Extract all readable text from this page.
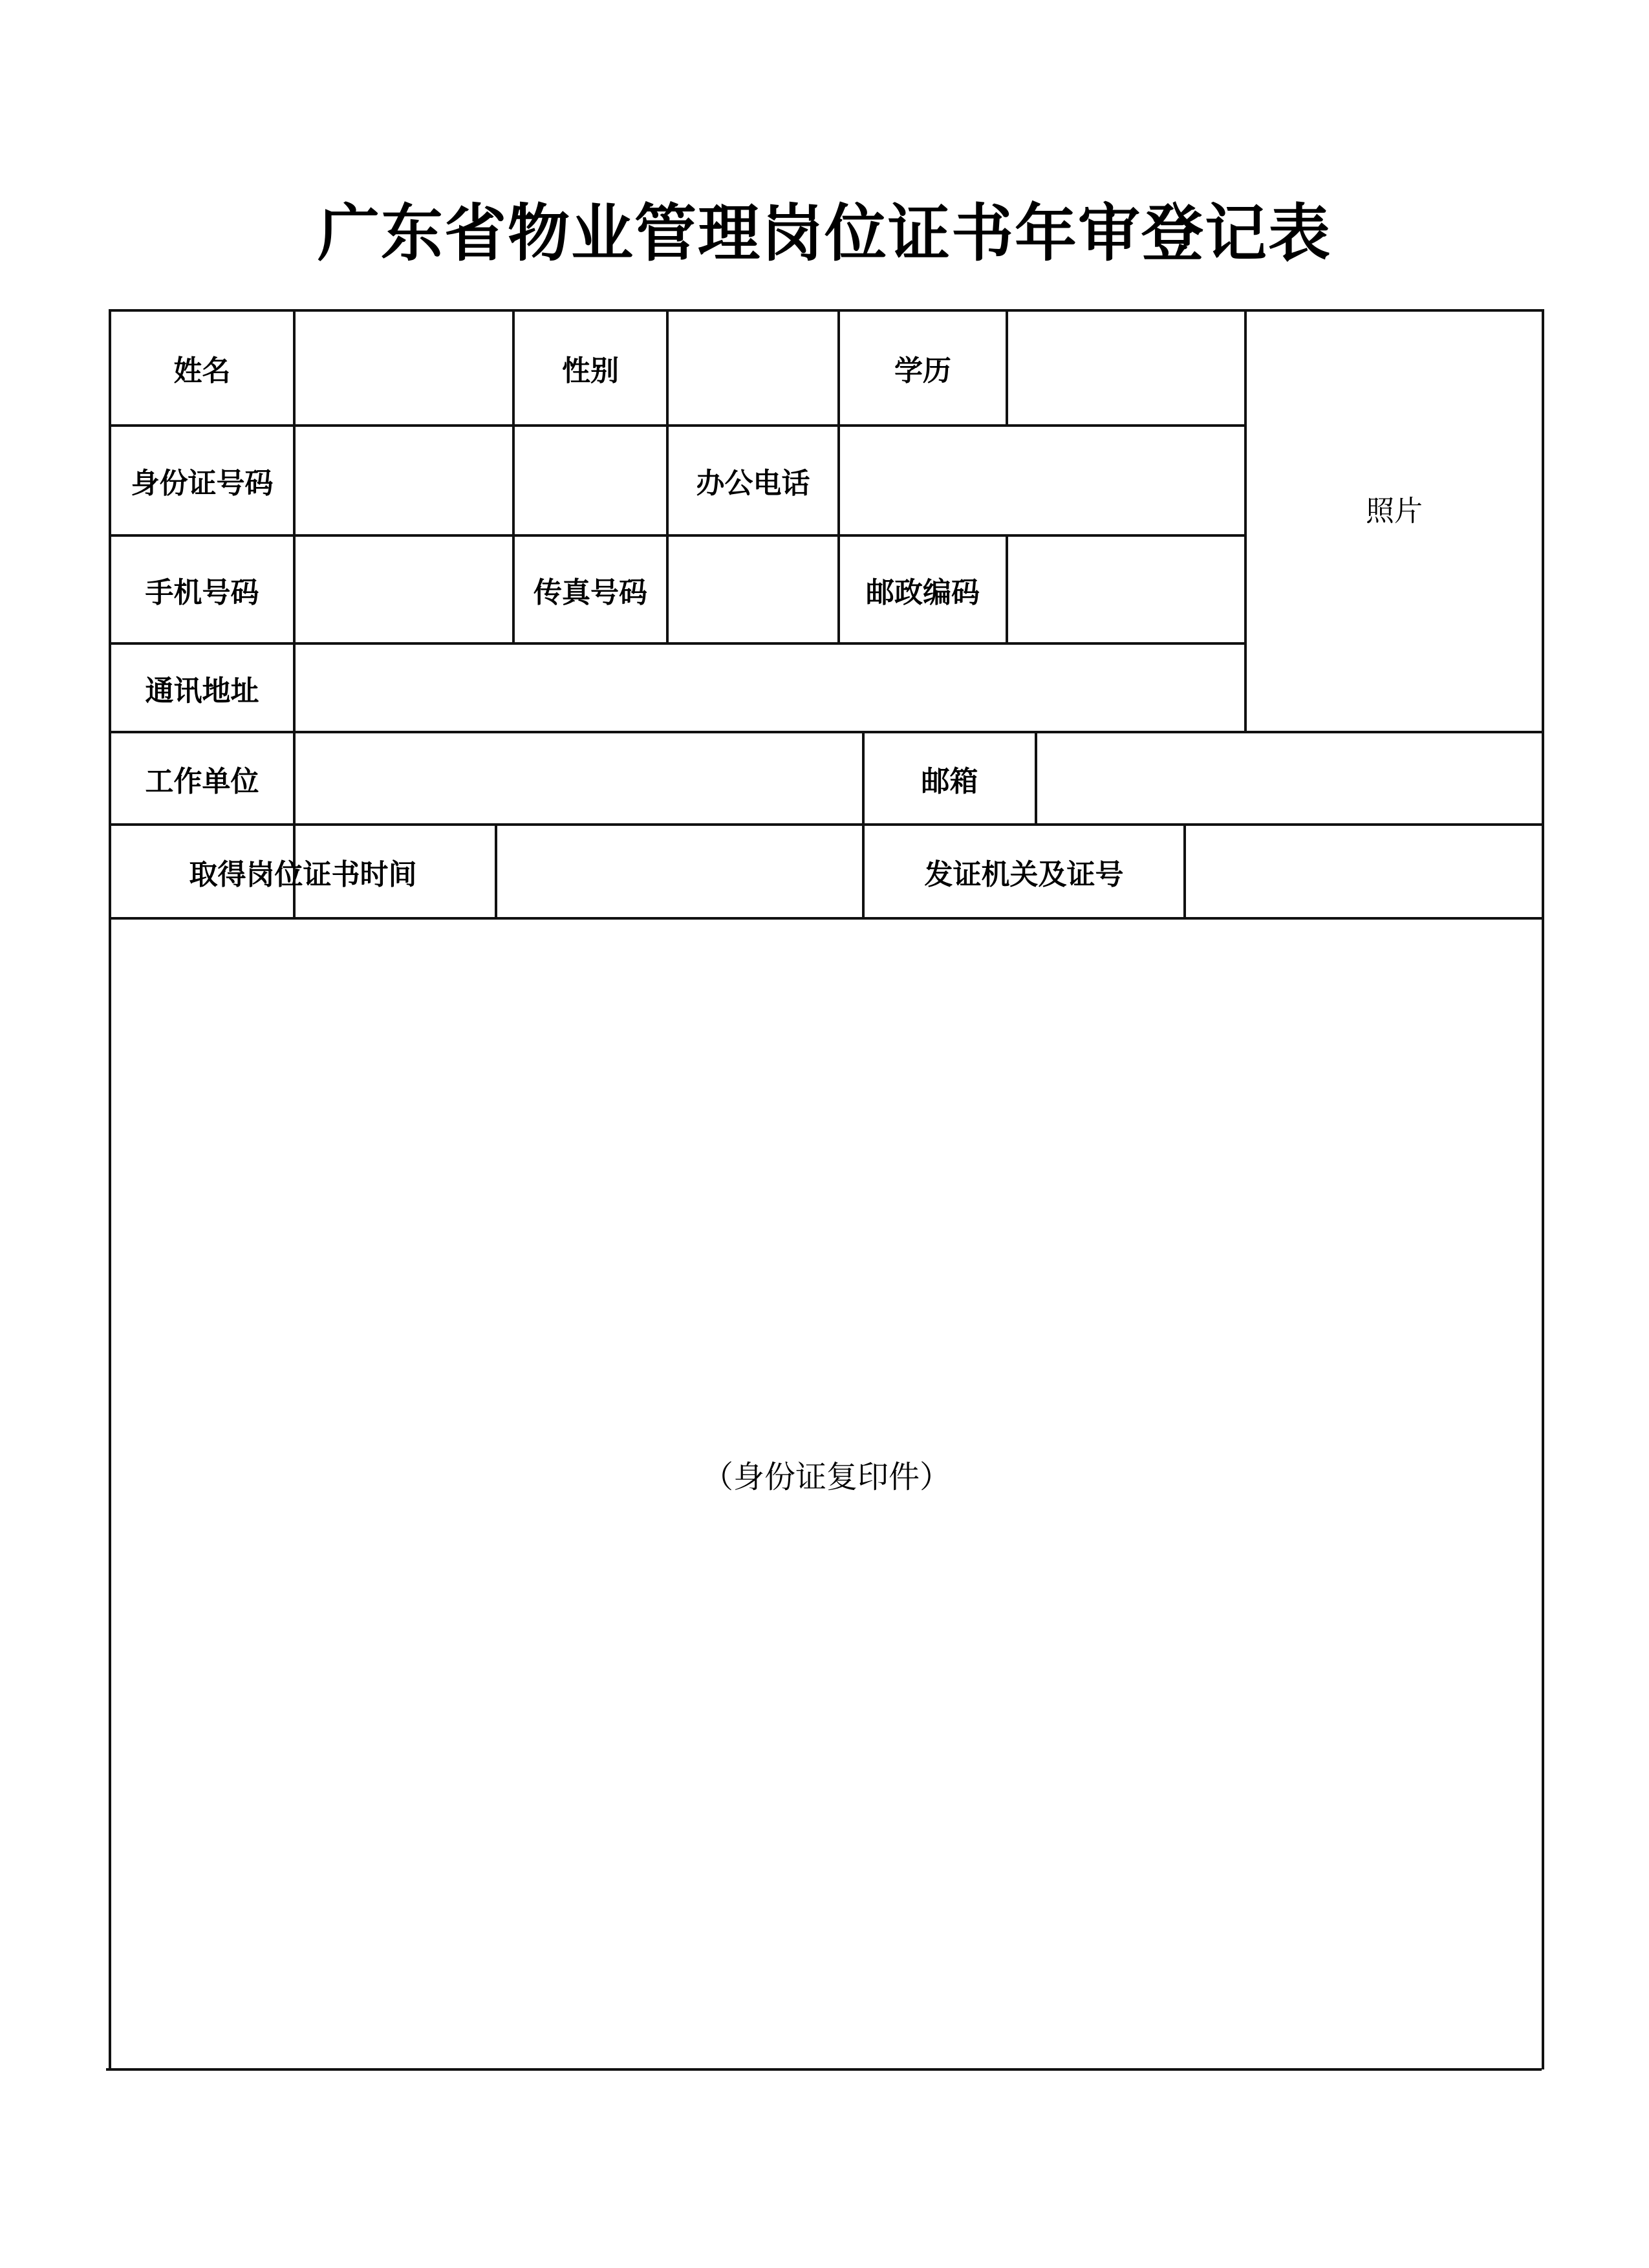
广东省物业管理岗位证书年审登记表
姓名	性别	学历
照片
身份证号码	办公电话
手机号码	传真号码	邮政编码
通讯地址
工作单位	邮箱
取得岗位证书时间	发证机关及证号
（身份证复印件）
